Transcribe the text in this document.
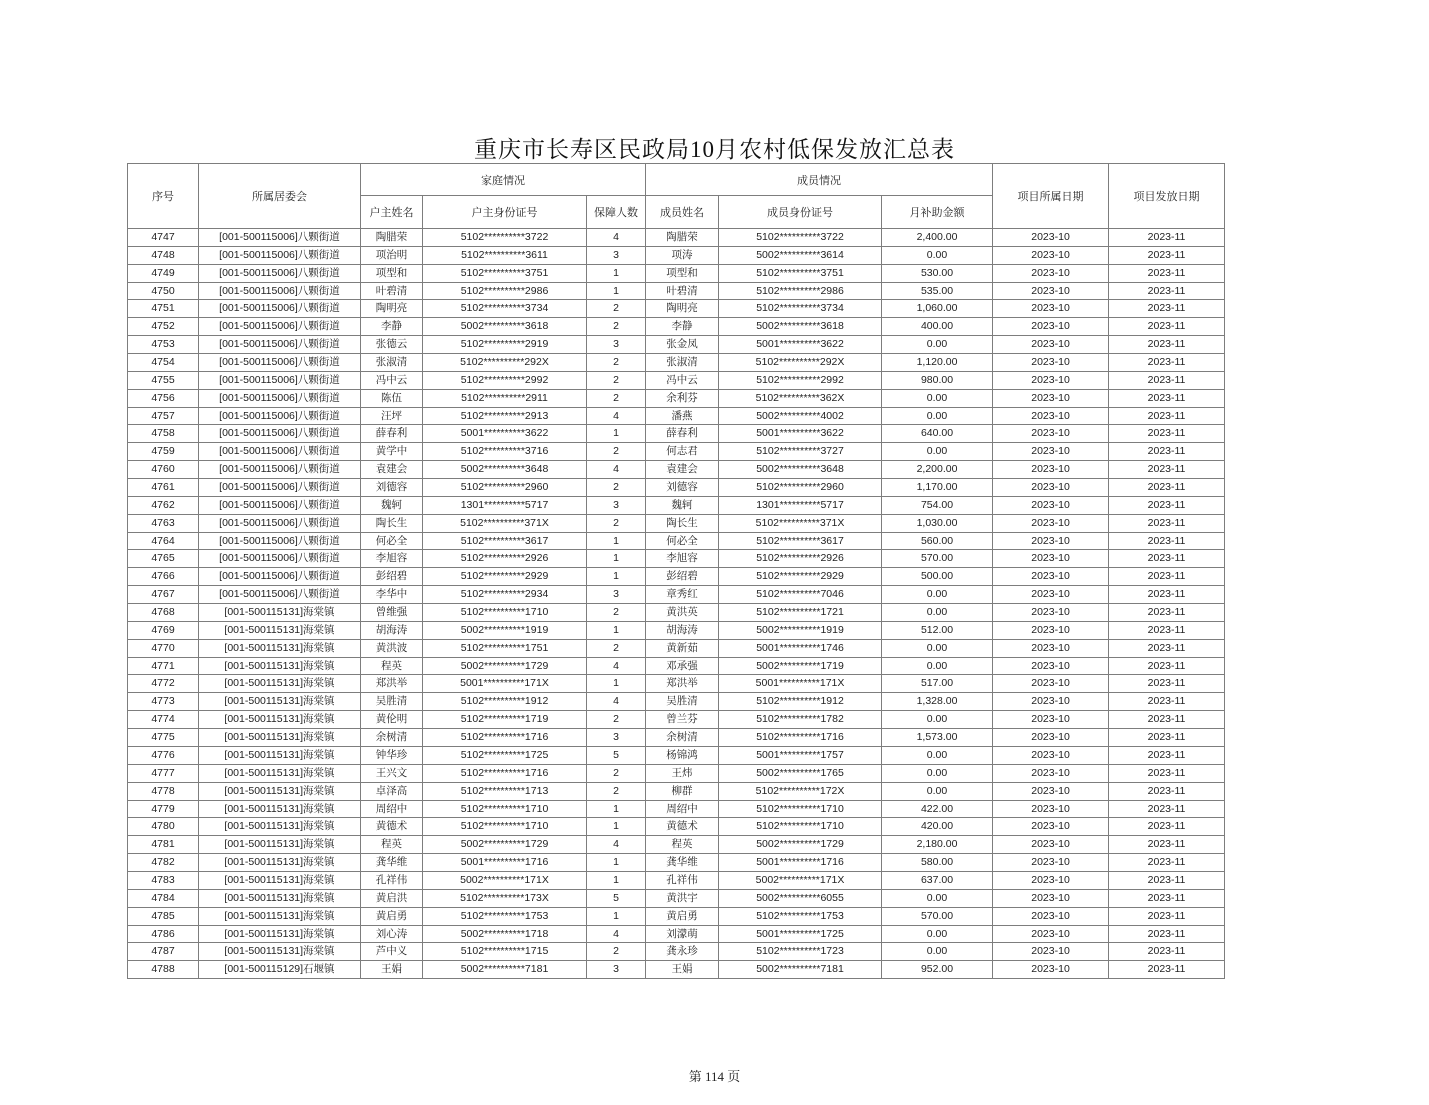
重庆市长寿区民政局10月农村低保发放汇总表
序号	所属居委会	家庭情况			成员情况			项目所属日期	项目发放日期
		户主姓名	户主身份证号	保障人数	成员姓名	成员身份证号	月补助金额		
4747	[001-500115006]八颗街道	陶腊荣	5102**********3722	4	陶腊荣	5102**********3722	2,400.00	2023-10	2023-11
4748	[001-500115006]八颗街道	项治明	5102**********3611	3	项涛	5002**********3614	0.00	2023-10	2023-11
4749	[001-500115006]八颗街道	项型和	5102**********3751	1	项型和	5102**********3751	530.00	2023-10	2023-11
4750	[001-500115006]八颗街道	叶碧清	5102**********2986	1	叶碧清	5102**********2986	535.00	2023-10	2023-11
4751	[001-500115006]八颗街道	陶明亮	5102**********3734	2	陶明亮	5102**********3734	1,060.00	2023-10	2023-11
4752	[001-500115006]八颗街道	李静	5002**********3618	2	李静	5002**********3618	400.00	2023-10	2023-11
4753	[001-500115006]八颗街道	张德云	5102**********2919	3	张金凤	5001**********3622	0.00	2023-10	2023-11
4754	[001-500115006]八颗街道	张淑清	5102**********292X	2	张淑清	5102**********292X	1,120.00	2023-10	2023-11
4755	[001-500115006]八颗街道	冯中云	5102**********2992	2	冯中云	5102**********2992	980.00	2023-10	2023-11
4756	[001-500115006]八颗街道	陈伍	5102**********2911	2	余利芬	5102**********362X	0.00	2023-10	2023-11
4757	[001-500115006]八颗街道	汪坪	5102**********2913	4	潘燕	5002**********4002	0.00	2023-10	2023-11
4758	[001-500115006]八颗街道	薛春利	5001**********3622	1	薛春利	5001**********3622	640.00	2023-10	2023-11
4759	[001-500115006]八颗街道	黄学中	5102**********3716	2	何志君	5102**********3727	0.00	2023-10	2023-11
4760	[001-500115006]八颗街道	袁建会	5002**********3648	4	袁建会	5002**********3648	2,200.00	2023-10	2023-11
4761	[001-500115006]八颗街道	刘德容	5102**********2960	2	刘德容	5102**********2960	1,170.00	2023-10	2023-11
4762	[001-500115006]八颗街道	魏轲	1301**********5717	3	魏轲	1301**********5717	754.00	2023-10	2023-11
4763	[001-500115006]八颗街道	陶长生	5102**********371X	2	陶长生	5102**********371X	1,030.00	2023-10	2023-11
4764	[001-500115006]八颗街道	何必全	5102**********3617	1	何必全	5102**********3617	560.00	2023-10	2023-11
4765	[001-500115006]八颗街道	李旭容	5102**********2926	1	李旭容	5102**********2926	570.00	2023-10	2023-11
4766	[001-500115006]八颗街道	彭绍碧	5102**********2929	1	彭绍碧	5102**********2929	500.00	2023-10	2023-11
4767	[001-500115006]八颗街道	李华中	5102**********2934	3	章秀红	5102**********7046	0.00	2023-10	2023-11
4768	[001-500115131]海棠镇	曾维强	5102**********1710	2	黄洪英	5102**********1721	0.00	2023-10	2023-11
4769	[001-500115131]海棠镇	胡海涛	5002**********1919	1	胡海涛	5002**********1919	512.00	2023-10	2023-11
4770	[001-500115131]海棠镇	黄洪波	5102**********1751	2	黄新茹	5001**********1746	0.00	2023-10	2023-11
4771	[001-500115131]海棠镇	程英	5002**********1729	4	邓承强	5002**********1719	0.00	2023-10	2023-11
4772	[001-500115131]海棠镇	郑洪举	5001**********171X	1	郑洪举	5001**********171X	517.00	2023-10	2023-11
4773	[001-500115131]海棠镇	吴胜清	5102**********1912	4	吴胜清	5102**********1912	1,328.00	2023-10	2023-11
4774	[001-500115131]海棠镇	黄伦明	5102**********1719	2	曾兰芬	5102**********1782	0.00	2023-10	2023-11
4775	[001-500115131]海棠镇	余树清	5102**********1716	3	余树清	5102**********1716	1,573.00	2023-10	2023-11
4776	[001-500115131]海棠镇	钟华珍	5102**********1725	5	杨锦鸿	5001**********1757	0.00	2023-10	2023-11
4777	[001-500115131]海棠镇	王兴文	5102**********1716	2	王炜	5002**********1765	0.00	2023-10	2023-11
4778	[001-500115131]海棠镇	卓泽高	5102**********1713	2	柳群	5102**********172X	0.00	2023-10	2023-11
4779	[001-500115131]海棠镇	周绍中	5102**********1710	1	周绍中	5102**********1710	422.00	2023-10	2023-11
4780	[001-500115131]海棠镇	黄德术	5102**********1710	1	黄德术	5102**********1710	420.00	2023-10	2023-11
4781	[001-500115131]海棠镇	程英	5002**********1729	4	程英	5002**********1729	2,180.00	2023-10	2023-11
4782	[001-500115131]海棠镇	龚华维	5001**********1716	1	龚华维	5001**********1716	580.00	2023-10	2023-11
4783	[001-500115131]海棠镇	孔祥伟	5002**********171X	1	孔祥伟	5002**********171X	637.00	2023-10	2023-11
4784	[001-500115131]海棠镇	黄启洪	5102**********173X	5	黄洪宇	5002**********6055	0.00	2023-10	2023-11
4785	[001-500115131]海棠镇	黄启勇	5102**********1753	1	黄启勇	5102**********1753	570.00	2023-10	2023-11
4786	[001-500115131]海棠镇	刘心涛	5002**********1718	4	刘濛萌	5001**********1725	0.00	2023-10	2023-11
4787	[001-500115131]海棠镇	芦中义	5102**********1715	2	龚永珍	5102**********1723	0.00	2023-10	2023-11
4788	[001-500115129]石堰镇	王娟	5002**********7181	3	王娟	5002**********7181	952.00	2023-10	2023-11
第 114 页
